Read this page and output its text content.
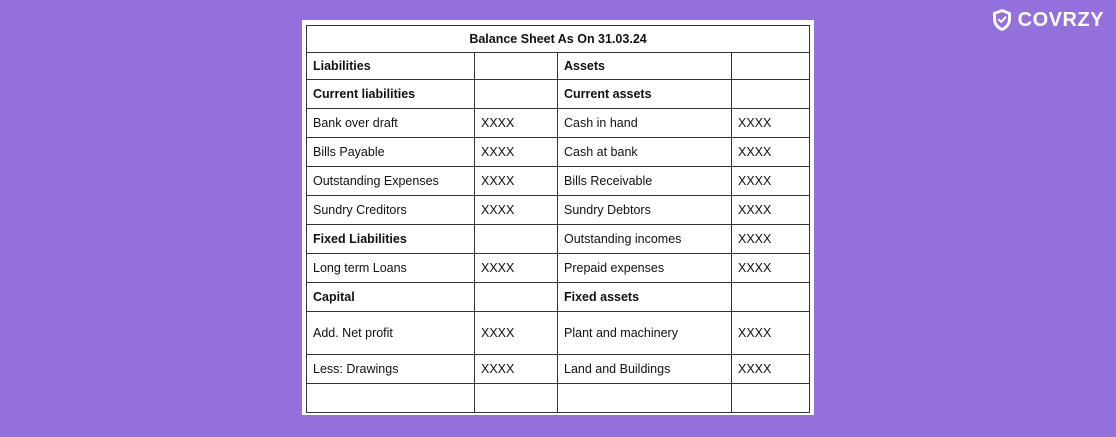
COVRZY
Balance Sheet As On 31.03.24			
Liabilities		Assets	
Current liabilities		Current assets	
Bank over draft	XXXX	Cash in hand	XXXX
Bills Payable	XXXX	Cash at bank	XXXX
Outstanding Expenses	XXXX	Bills Receivable	XXXX
Sundry Creditors	XXXX	Sundry Debtors	XXXX
Fixed Liabilities		Outstanding incomes	XXXX
Long term Loans	XXXX	Prepaid expenses	XXXX
Capital		Fixed assets	
Add. Net profit	XXXX	Plant and machinery	XXXX
Less: Drawings	XXXX	Land and Buildings	XXXX
